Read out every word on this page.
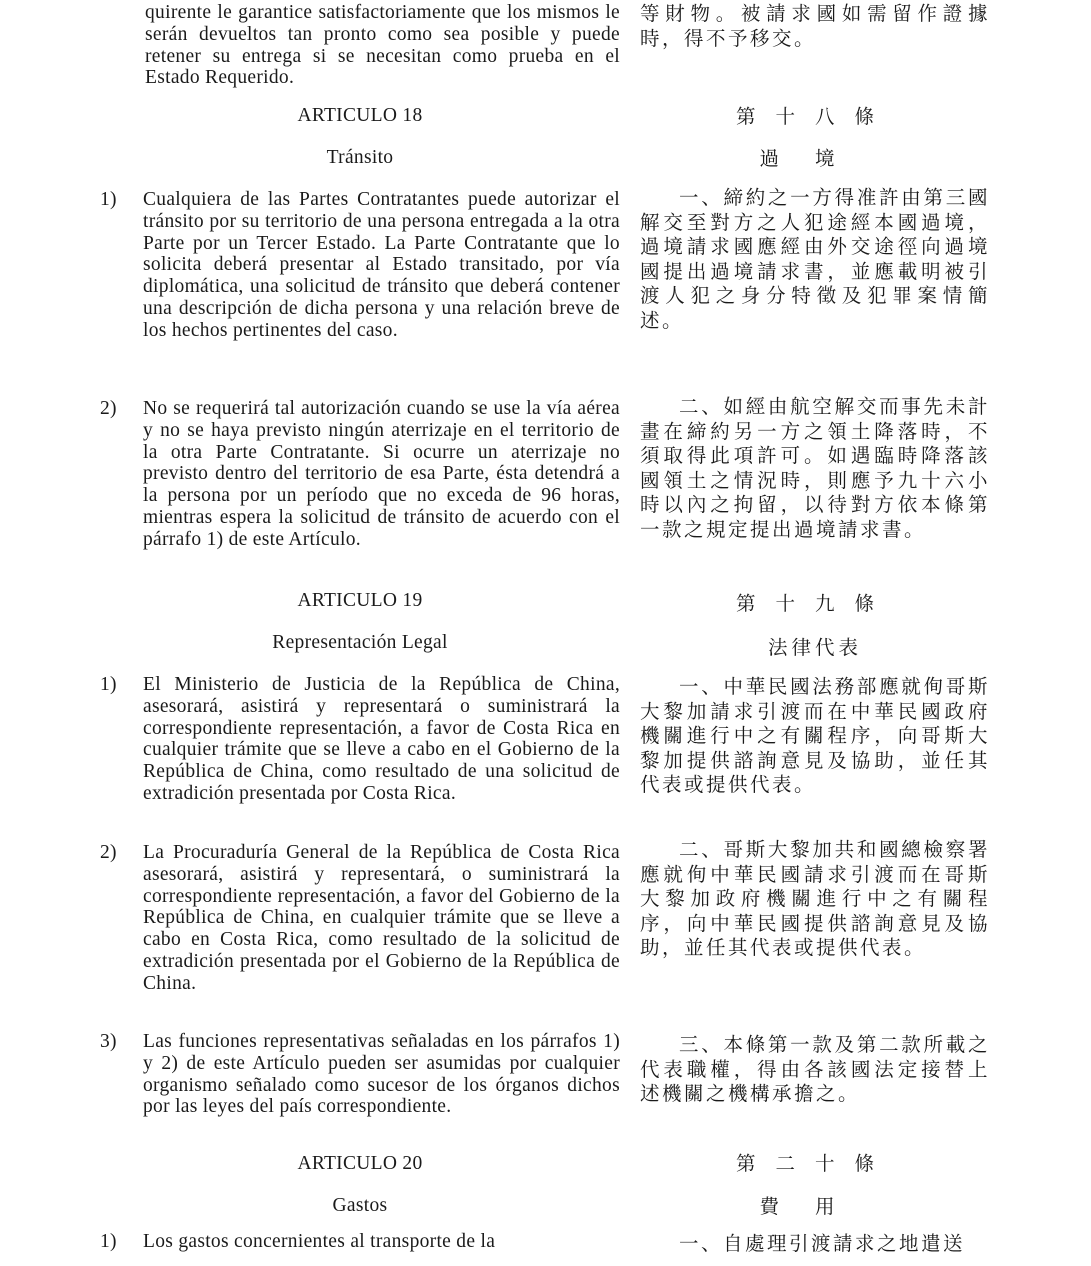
quirente le garantice satisfactoriamente que los mismos le serán devueltos tan pronto como sea posible y puede retener su entrega si se necesitan como prueba en el Estado Requerido.
ARTICULO 18
Tránsito
1)	Cualquiera de las Partes Contratantes puede autorizar el tránsito por su territorio de una persona entregada a la otra Parte por un Tercer Estado. La Parte Contratante que lo solicita deberá presentar al Estado transitado, por vía diplomática, una solicitud de tránsito que deberá contener una descripción de dicha persona y una relación breve de los hechos pertinentes del caso.
2)	No se requerirá tal autorización cuando se use la vía aérea y no se haya previsto ningún aterrizaje en el territorio de la otra Parte Contratante. Si ocurre un aterrizaje no previsto dentro del territorio de esa Parte, ésta detendrá a la persona por un período que no exceda de 96 horas, mientras espera la solicitud de tránsito de acuerdo con el párrafo 1) de este Artículo.
ARTICULO 19
Representación Legal
1)	El Ministerio de Justicia de la República de China, asesorará, asistirá y representará o suministrará la correspondiente representación, a favor de Costa Rica en cualquier trámite que se lleve a cabo en el Gobierno de la República de China, como resultado de una solicitud de extradición presentada por Costa Rica.
2)	La Procuraduría General de la República de Costa Rica asesorará, asistirá y representará, o suministrará la correspondiente representación, a favor del Gobierno de la República de China, en cualquier trámite que se lleve a cabo en Costa Rica, como resultado de la solicitud de extradición presentada por el Gobierno de la República de China.
3)	Las funciones representativas señaladas en los párrafos 1) y 2) de este Artículo pueden ser asumidas por cualquier organismo señalado como sucesor de los órganos dichos por las leyes del país correspondiente.
ARTICULO 20
Gastos
1)	Los gastos concernientes al transporte de la
等財物。被請求國如需留作證據時，得不予移交。
第十八條
過境
一、締約之一方得准許由第三國解交至對方之人犯途經本國過境，過境請求國應經由外交途徑向過境國提出過境請求書，並應載明被引渡人犯之身分特徵及犯罪案情簡述。
二、如經由航空解交而事先未計畫在締約另一方之領土降落時，不須取得此項許可。如遇臨時降落該國領土之情況時，則應予九十六小時以內之拘留，以待對方依本條第一款之規定提出過境請求書。
第十九條
法律代表
一、中華民國法務部應就侚哥斯大黎加請求引渡而在中華民國政府機關進行中之有關程序，向哥斯大黎加提供諮詢意見及協助，並任其代表或提供代表。
二、哥斯大黎加共和國總檢察署應就侚中華民國請求引渡而在哥斯大黎加政府機關進行中之有關程序，向中華民國提供諮詢意見及協助，並任其代表或提供代表。
三、本條第一款及第二款所載之代表職權，得由各該國法定接替上述機關之機構承擔之。
第二十條
費用
一、自處理引渡請求之地遣送
